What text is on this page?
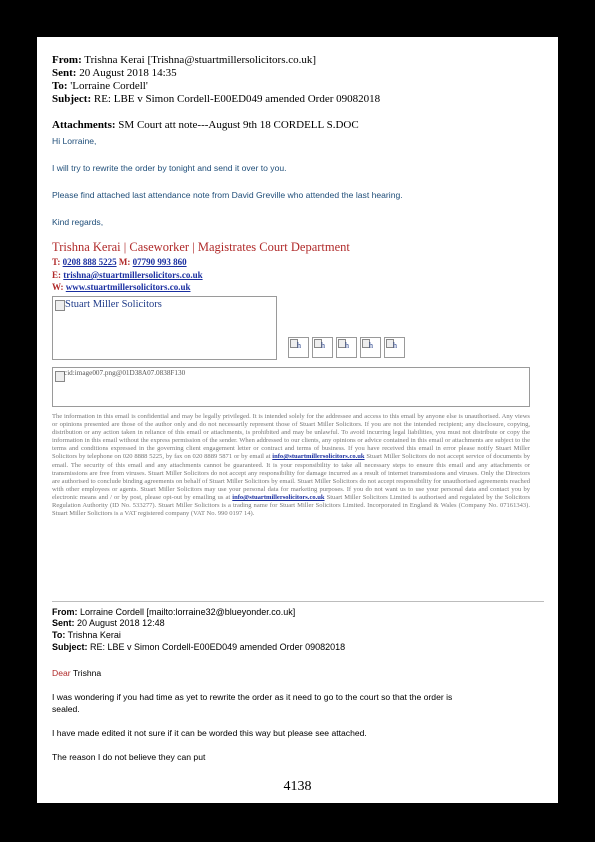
From: Trishna Kerai [Trishna@stuartmillersolicitors.co.uk]
Sent: 20 August 2018 14:35
To: 'Lorraine Cordell'
Subject: RE: LBE v Simon Cordell-E00ED049 amended Order 09082018
Attachments: SM Court att note---August 9th 18 CORDELL S.DOC
Hi Lorraine,
I will try to rewrite the order by tonight and send it over to you.
Please find attached last attendance note from David Greville who attended the last hearing.
Kind regards,
Trishna Kerai | Caseworker | Magistrates Court Department
T: 0208 888 5225 M: 07790 993 860
E: trishna@stuartmillersolicitors.co.uk
W: www.stuartmillersolicitors.co.uk
Stuart Miller Solicitors
h	h	h	h	h
cid:image007.png@01D38A07.0838F130
The information in this email is confidential and may be legally privileged. It is intended solely for the addressee and access to this email by anyone else is unauthorised. Any views or opinions presented are those of the author only and do not necessarily represent those of Stuart Miller Solicitors. If you are not the intended recipient; any disclosure, copying, distribution or any action taken in reliance of this email or attachments, is prohibited and may be unlawful. To avoid incurring legal liabilities, you must not distribute or copy the information in this email without the express permission of the sender. When addressed to our clients, any opinions or advice contained in this email or attachments are subject to the terms and conditions expressed in the governing client engagement letter or contract and terms of business. If you have received this email in error please notify Stuart Miller Solicitors by telephone on 020 8888 5225, by fax on 020 8889 5871 or by email at info@stuartmillersolicitors.co.uk Stuart Miller Solicitors do not accept service of documents by email. The security of this email and any attachments cannot be guaranteed. It is your responsibility to take all necessary steps to ensure this email and any attachments or transmissions are free from viruses. Stuart Miller Solicitors do not accept any responsibility for damage incurred as a result of internet transmissions and viruses. Only the Directors are authorised to conclude binding agreements on behalf of Stuart Miller Solicitors by email. Stuart Miller Solicitors do not accept responsibility for unauthorised agreements reached with other employees or agents. Stuart Miller Solicitors may use your personal data for marketing purposes. If you do not want us to use your personal data and contact you by electronic means and / or by post, please opt-out by emailing us at info@stuartmillersolicitors.co.uk Stuart Miller Solicitors Limited is authorised and regulated by the Solicitors Regulation Authority (ID No. 533277). Stuart Miller Solicitors is a trading name for Stuart Miller Solicitors Limited. Incorporated in England & Wales (Company No. 07161343). Stuart Miller Solicitors is a VAT registered company (VAT No. 990 0197 14).
From: Lorraine Cordell [mailto:lorraine32@blueyonder.co.uk]
Sent: 20 August 2018 12:48
To: Trishna Kerai
Subject: RE: LBE v Simon Cordell-E00ED049 amended Order 09082018
Dear Trishna
I was wondering if you had time as yet to rewrite the order as it need to go to the court so that the order is
sealed.
I have made edited it not sure if it can be worded this way but please see attached.
The reason I do not believe they can put
4138
